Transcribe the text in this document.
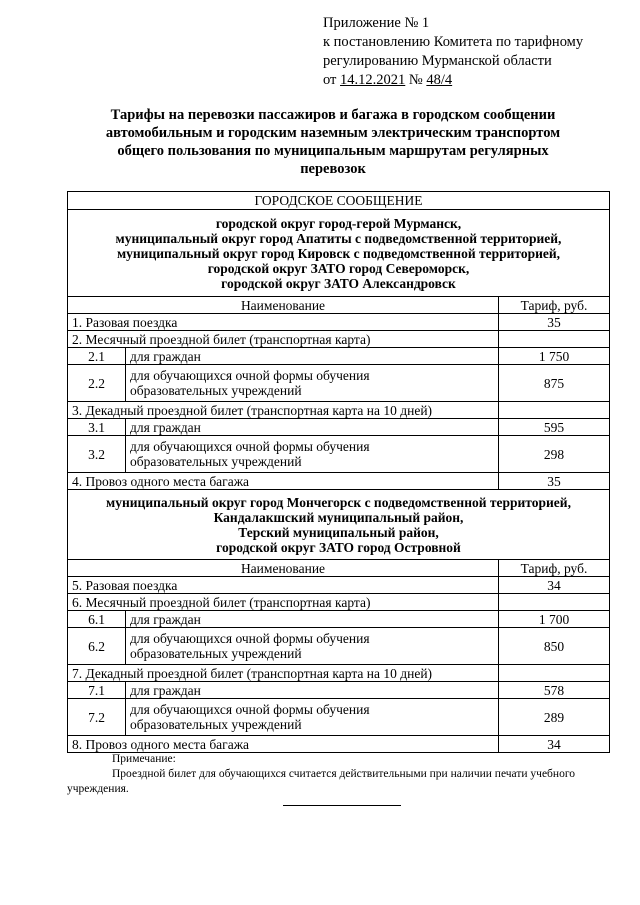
Приложение № 1
к постановлению Комитета по тарифному
регулированию Мурманской области
от 14.12.2021 № 48/4
Тарифы на перевозки пассажиров и багажа в городском сообщении
автомобильным и городским наземным электрическим транспортом
общего пользования по муниципальным маршрутам регулярных
перевозок
ГОРОДСКОЕ СООБЩЕНИЕ		

городской округ город-герой Мурманск,
муниципальный округ город Апатиты с подведомственной территорией,
муниципальный округ город Кировск с подведомственной территорией,
городской округ ЗАТО город Североморск,
городской округ ЗАТО Александровск		

Наименование		Тариф, руб.
1. Разовая поездка		35
2. Месячный проездной билет (транспортная карта)		
2.1	для граждан	1 750
2.2	для обучающихся очной формы обучения
образовательных учреждений	875
3. Декадный проездной билет (транспортная карта на 10 дней)		
3.1	для граждан	595
3.2	для обучающихся очной формы обучения
образовательных учреждений	298
4. Провоз одного места багажа		35

муниципальный округ город Мончегорск с подведомственной территорией,
Кандалакшский муниципальный район,
Терский муниципальный район,
городской округ ЗАТО город Островной		

Наименование		Тариф, руб.
5. Разовая поездка		34
6. Месячный проездной билет (транспортная карта)		
6.1	для граждан	1 700
6.2	для обучающихся очной формы обучения
образовательных учреждений	850
7. Декадный проездной билет (транспортная карта на 10 дней)		
7.1	для граждан	578
7.2	для обучающихся очной формы обучения
образовательных учреждений	289
8. Провоз одного места багажа		34
Примечание:
Проездной билет для обучающихся считается действительными при наличии печати учебного учреждения.
